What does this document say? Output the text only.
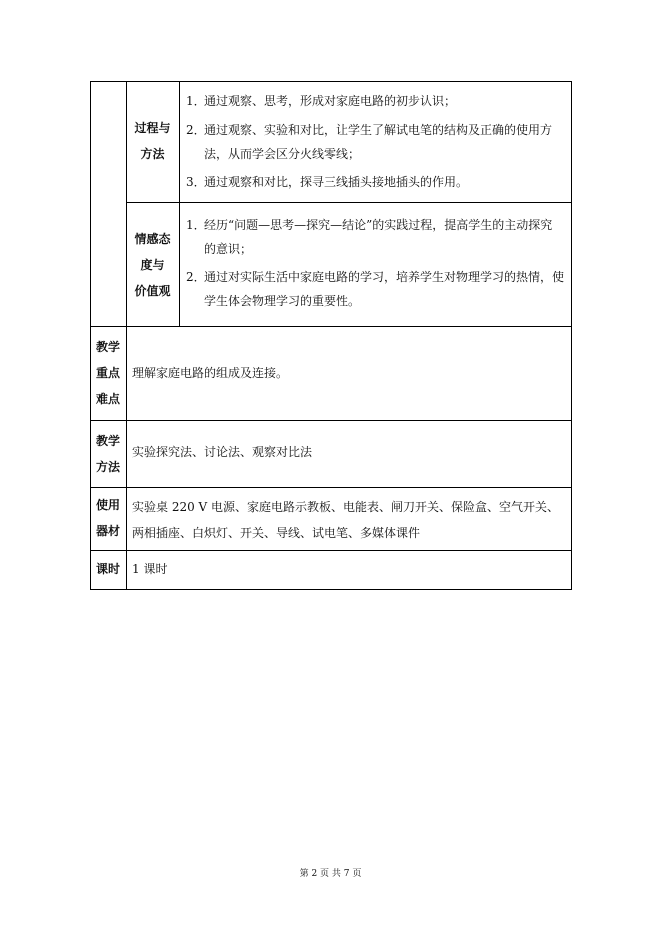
过程与
方法
1．
通过观察、思考，形成对家庭电路的初步认识；
2．
通过观察、实验和对比，让学生了解试电笔的结构及正确的使用方法，从而学会区分火线零线；
3．
通过观察和对比，探寻三线插头接地插头的作用。
情感态
度与
价值观
1．
经历“问题—思考—探究—结论”的实践过程，提高学生的主动探究的意识；
2．
通过对实际生活中家庭电路的学习，培养学生对物理学习的热情，使学生体会物理学习的重要性。
教学
重点
难点
理解家庭电路的组成及连接。
教学
方法
实验探究法、讨论法、观察对比法
使用
器材
实验桌 220 V 电源、家庭电路示教板、电能表、闸刀开关、保险盒、空气开关、两相插座、白炽灯、开关、导线、试电笔、多媒体课件
课时	1 课时
第 2 页 共 7 页
